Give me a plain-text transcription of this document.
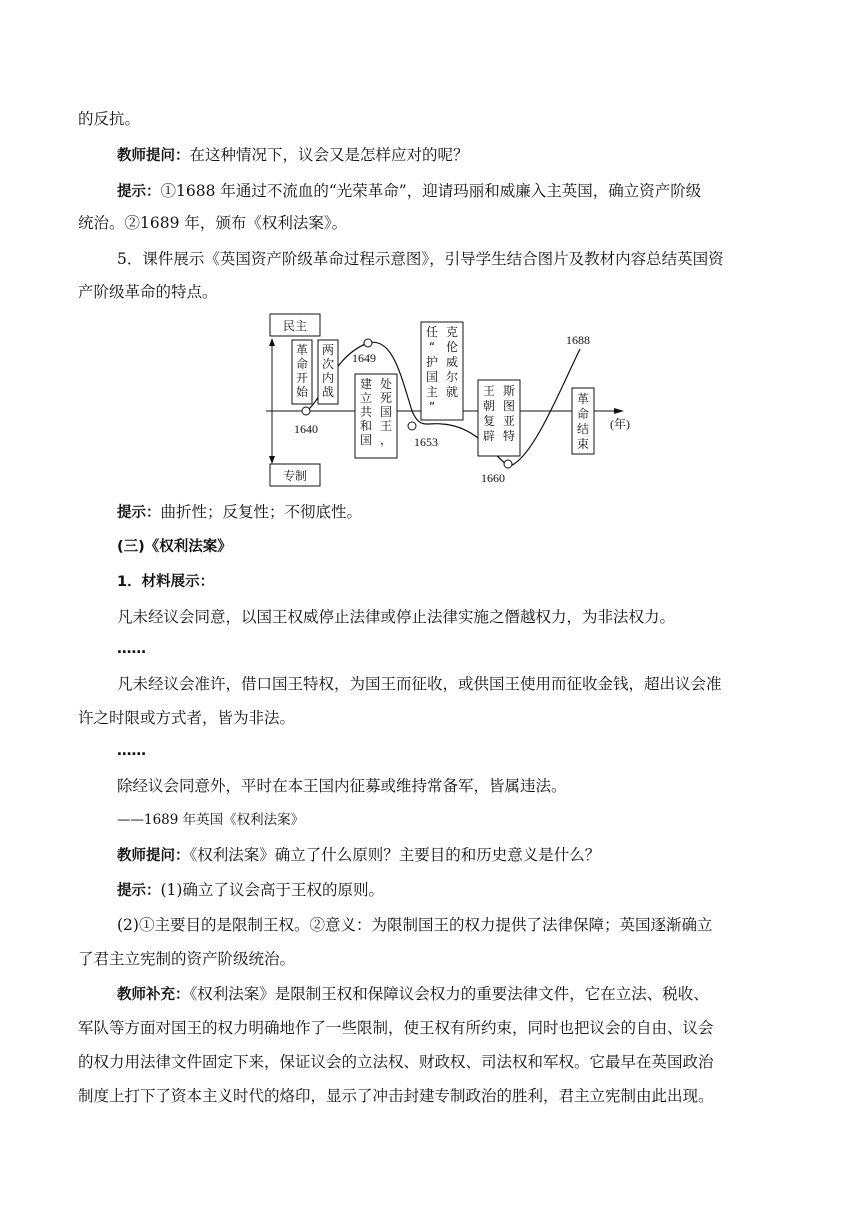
的反抗。
教师提问：在这种情况下，议会又是怎样应对的呢？
提示：①1688 年通过不流血的“光荣革命”，迎请玛丽和威廉入主英国，确立资产阶级
统治。②1689 年，颁布《权利法案》。
5．课件展示《英国资产阶级革命过程示意图》，引导学生结合图片及教材内容总结英国资
产阶级革命的特点。
民主
专制
1640
1649
1653
1660
1688
(年)
革
命
开
始
两
次
内
战
建
立
共
和
国
处
死
国
王
，
任
“
护
国
主
”
克
伦
威
尔
就 王
朝
复
辟
斯
图
亚
特
革
命
结
束
提示：曲折性；反复性；不彻底性。
(三)《权利法案》
1．材料展示：
凡未经议会同意，以国王权威停止法律或停止法律实施之僭越权力，为非法权力。
……
凡未经议会准许，借口国王特权，为国王而征收，或供国王使用而征收金钱，超出议会准
许之时限或方式者，皆为非法。
……
除经议会同意外，平时在本王国内征募或维持常备军，皆属违法。
——1689 年英国《权利法案》
教师提问：《权利法案》确立了什么原则？主要目的和历史意义是什么？
提示：(1)确立了议会高于王权的原则。
(2)①主要目的是限制王权。②意义：为限制国王的权力提供了法律保障；英国逐渐确立
了君主立宪制的资产阶级统治。
教师补充：《权利法案》是限制王权和保障议会权力的重要法律文件，它在立法、税收、
军队等方面对国王的权力明确地作了一些限制，使王权有所约束，同时也把议会的自由、议会
的权力用法律文件固定下来，保证议会的立法权、财政权、司法权和军权。它最早在英国政治
制度上打下了资本主义时代的烙印，显示了冲击封建专制政治的胜利，君主立宪制由此出现。
